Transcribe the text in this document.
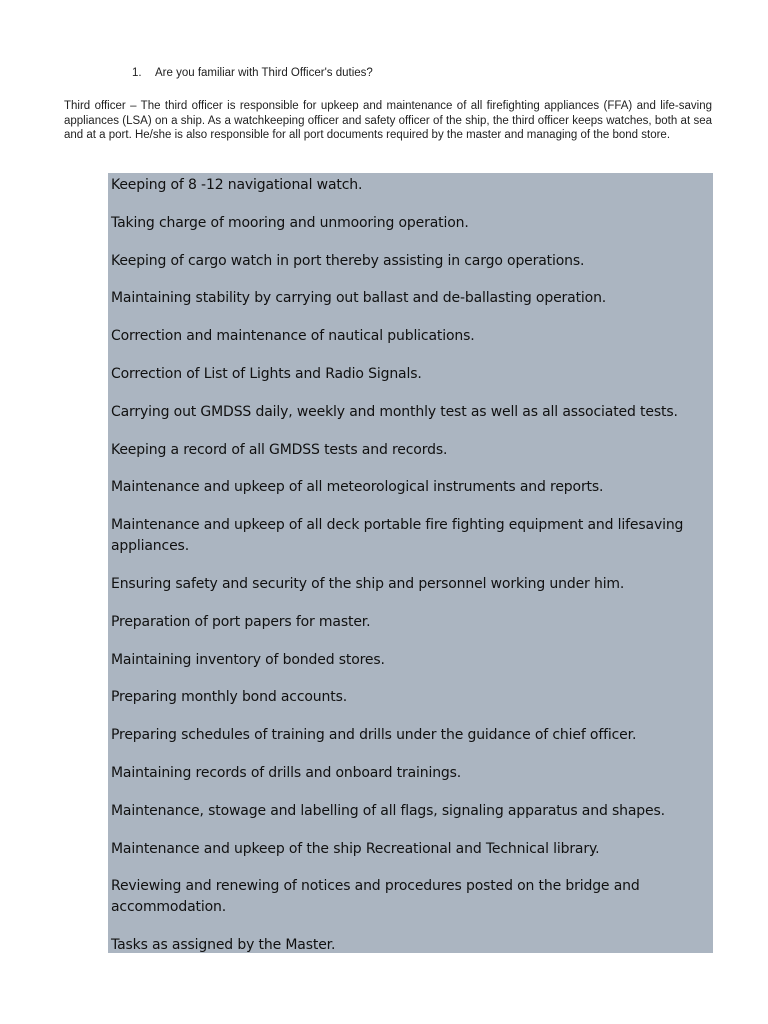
1. Are you familiar with Third Officer's duties?

Third officer – The third officer is responsible for upkeep and maintenance of all firefighting appliances (FFA) and life-saving appliances (LSA) on a ship. As a watchkeeping officer and safety officer of the ship, the third officer keeps watches, both at sea and at a port. He/she is also responsible for all port documents required by the master and managing of the bond store.

Keeping of 8 -12 navigational watch.
Taking charge of mooring and unmooring operation.
Keeping of cargo watch in port thereby assisting in cargo operations.
Maintaining stability by carrying out ballast and de-ballasting operation.
Correction and maintenance of nautical publications.
Correction of List of Lights and Radio Signals.
Carrying out GMDSS daily, weekly and monthly test as well as all associated tests.
Keeping a record of all GMDSS tests and records.
Maintenance and upkeep of all meteorological instruments and reports.
Maintenance and upkeep of all deck portable fire fighting equipment and lifesaving appliances.
Ensuring safety and security of the ship and personnel working under him.
Preparation of port papers for master.
Maintaining inventory of bonded stores.
Preparing monthly bond accounts.
Preparing schedules of training and drills under the guidance of chief officer.
Maintaining records of drills and onboard trainings.
Maintenance, stowage and labelling of all flags, signaling apparatus and shapes.
Maintenance and upkeep of the ship Recreational and Technical library.
Reviewing and renewing of notices and procedures posted on the bridge and accommodation.
Tasks as assigned by the Master.
